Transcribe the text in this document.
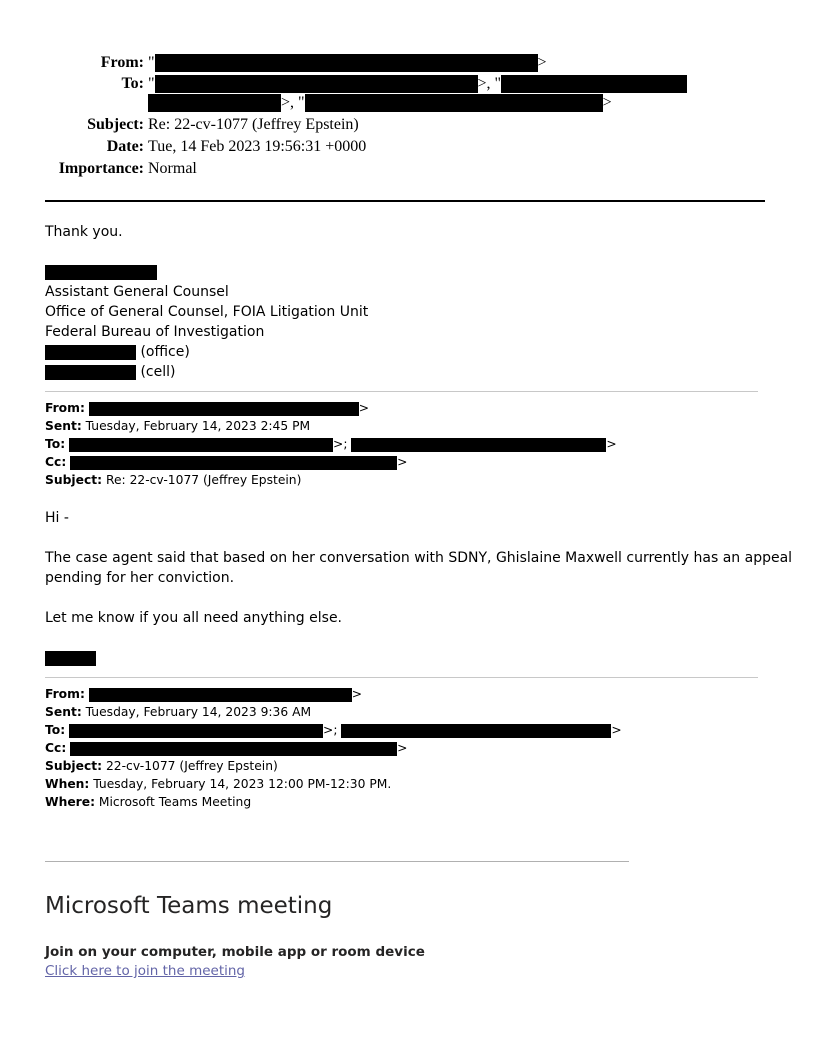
From: "	>
To: "	>, "
>, "	>
Subject: Re: 22-cv-1077 (Jeffrey Epstein)
Date: Tue, 14 Feb 2023 19:56:31 +0000
Importance: Normal
Thank you.
Assistant General Counsel
Office of General Counsel, FOIA Litigation Unit
Federal Bureau of Investigation
(office)
(cell)
From:	>
Sent: Tuesday, February 14, 2023 2:45 PM
To:	>;	>
Cc:	>
Subject: Re: 22-cv-1077 (Jeffrey Epstein)
Hi -
The case agent said that based on her conversation with SDNY, Ghislaine Maxwell currently has an appeal
pending for her conviction.
Let me know if you all need anything else.
From:	>
Sent: Tuesday, February 14, 2023 9:36 AM
To:	>;	>
Cc:	>
Subject: 22-cv-1077 (Jeffrey Epstein)
When: Tuesday, February 14, 2023 12:00 PM-12:30 PM.
Where: Microsoft Teams Meeting
Microsoft Teams meeting
Join on your computer, mobile app or room device
Click here to join the meeting
